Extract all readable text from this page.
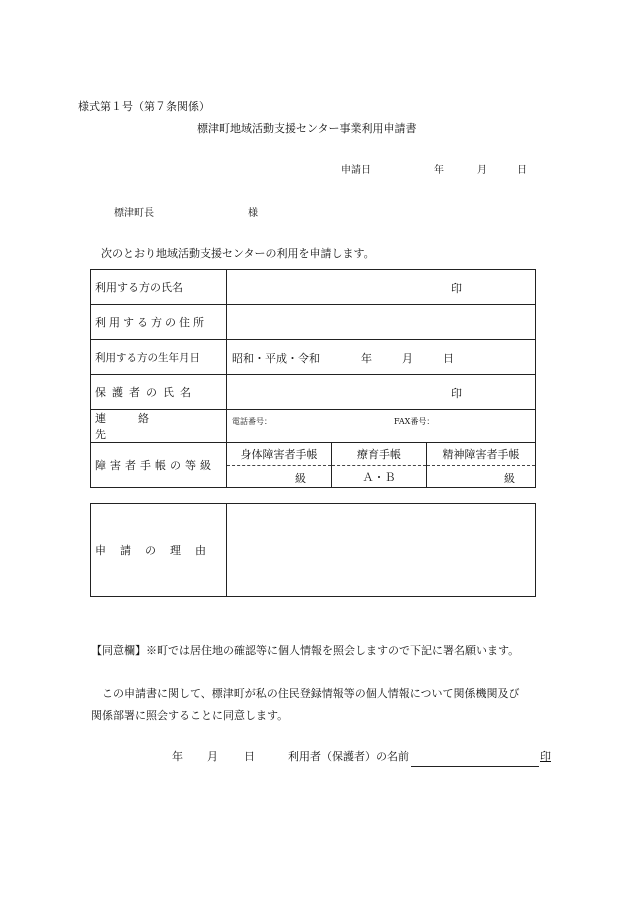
様式第１号（第７条関係）
標津町地域活動支援センター事業利用申請書
申請日	年	月	日
標津町長	様
次のとおり地域活動支援センターの利用を申請します。
利用する方の氏名	印		

利用する方の住所			

利用する方の生年月日	昭和・平成・令和 年 月 日		

保護者の氏名	印		

連絡先	電話番号： FAX番号：		

障害者手帳の等級	身体障害者手帳	療育手帳	精神障害者手帳

	級	Ａ・Ｂ	級
申請の理由

【同意欄】※町では居住地の確認等に個人情報を照会しますので下記に署名願います。
この申請書に関して、標津町が私の住民登録情報等の個人情報について関係機関及び
関係部署に照会することに同意します。
年 月 日	利用者（保護者）の名前	印
